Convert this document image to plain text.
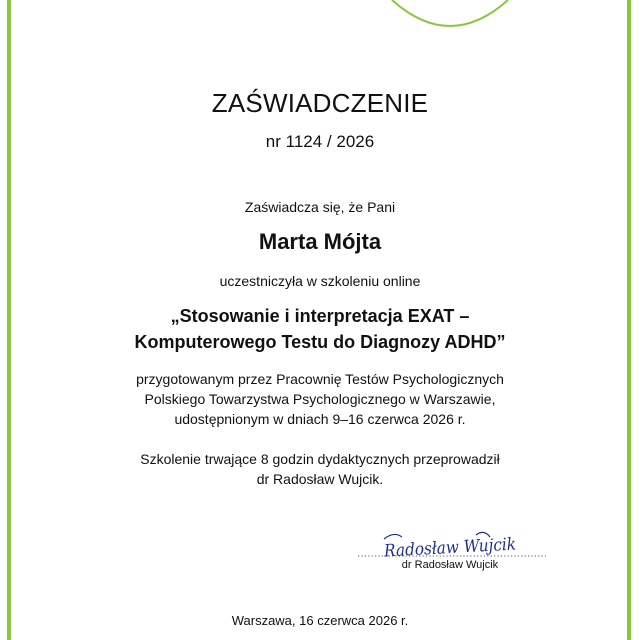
ZAŚWIADCZENIE
nr 1124 / 2026
Zaświadcza się, że Pani
Marta Mójta
uczestniczyła w szkoleniu online
„Stosowanie i interpretacja EXAT –
Komputerowego Testu do Diagnozy ADHD”
przygotowanym przez Pracownię Testów Psychologicznych
Polskiego Towarzystwa Psychologicznego w Warszawie,
udostępnionym w dniach 9–16 czerwca 2026 r.
Szkolenie trwające 8 godzin dydaktycznych przeprowadził
dr Radosław Wujcik.
Radosław Wujcik
dr Radosław Wujcik
Warszawa, 16 czerwca 2026 r.
